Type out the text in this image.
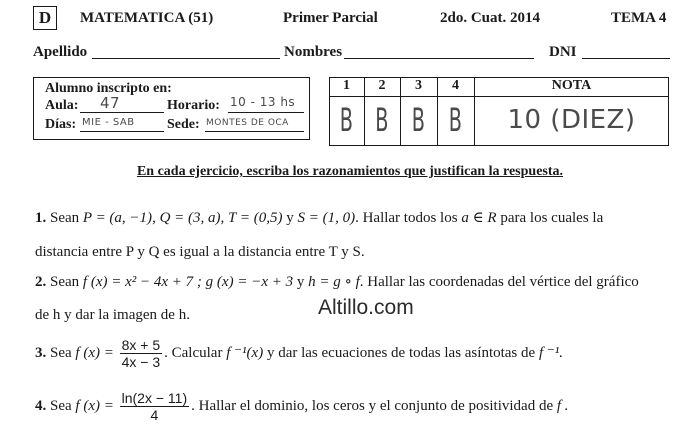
D	MATEMATICA (51)	Primer Parcial	2do. Cuat. 2014	TEMA 4
Apellido	Nombres	DNI
Alumno inscripto en:
Aula: 47	Horario: 10 - 13 hs
Días: MIE - SAB Sede: MONTES DE OCA
1	2	3	4	NOTA
B B B B	10 (DIEZ)
En cada ejercicio, escriba los razonamientos que justifican la respuesta.
Altillo.com
1. Sean P = (a, −1), Q = (3, a), T = (0,5) y S = (1, 0). Hallar todos los a ∈ R para los cuales la
distancia entre P y Q es igual a la distancia entre T y S.
2. Sean f (x) = x² − 4x + 7 ; g (x) = −x + 3 y h = g ∘ f. Hallar las coordenadas del vértice del gráfico
de h y dar la imagen de h.
3. Sea f $(x) = \frac{8x + 5}{4x - 3}$ . Calcular f ⁻¹(x) y dar las ecuaciones de todas las asíntotas de f ⁻¹.
4. Sea f $(x) = \frac{\ln(2x - 11)}{4}$ . Hallar el dominio, los ceros y el conjunto de positividad de f .
